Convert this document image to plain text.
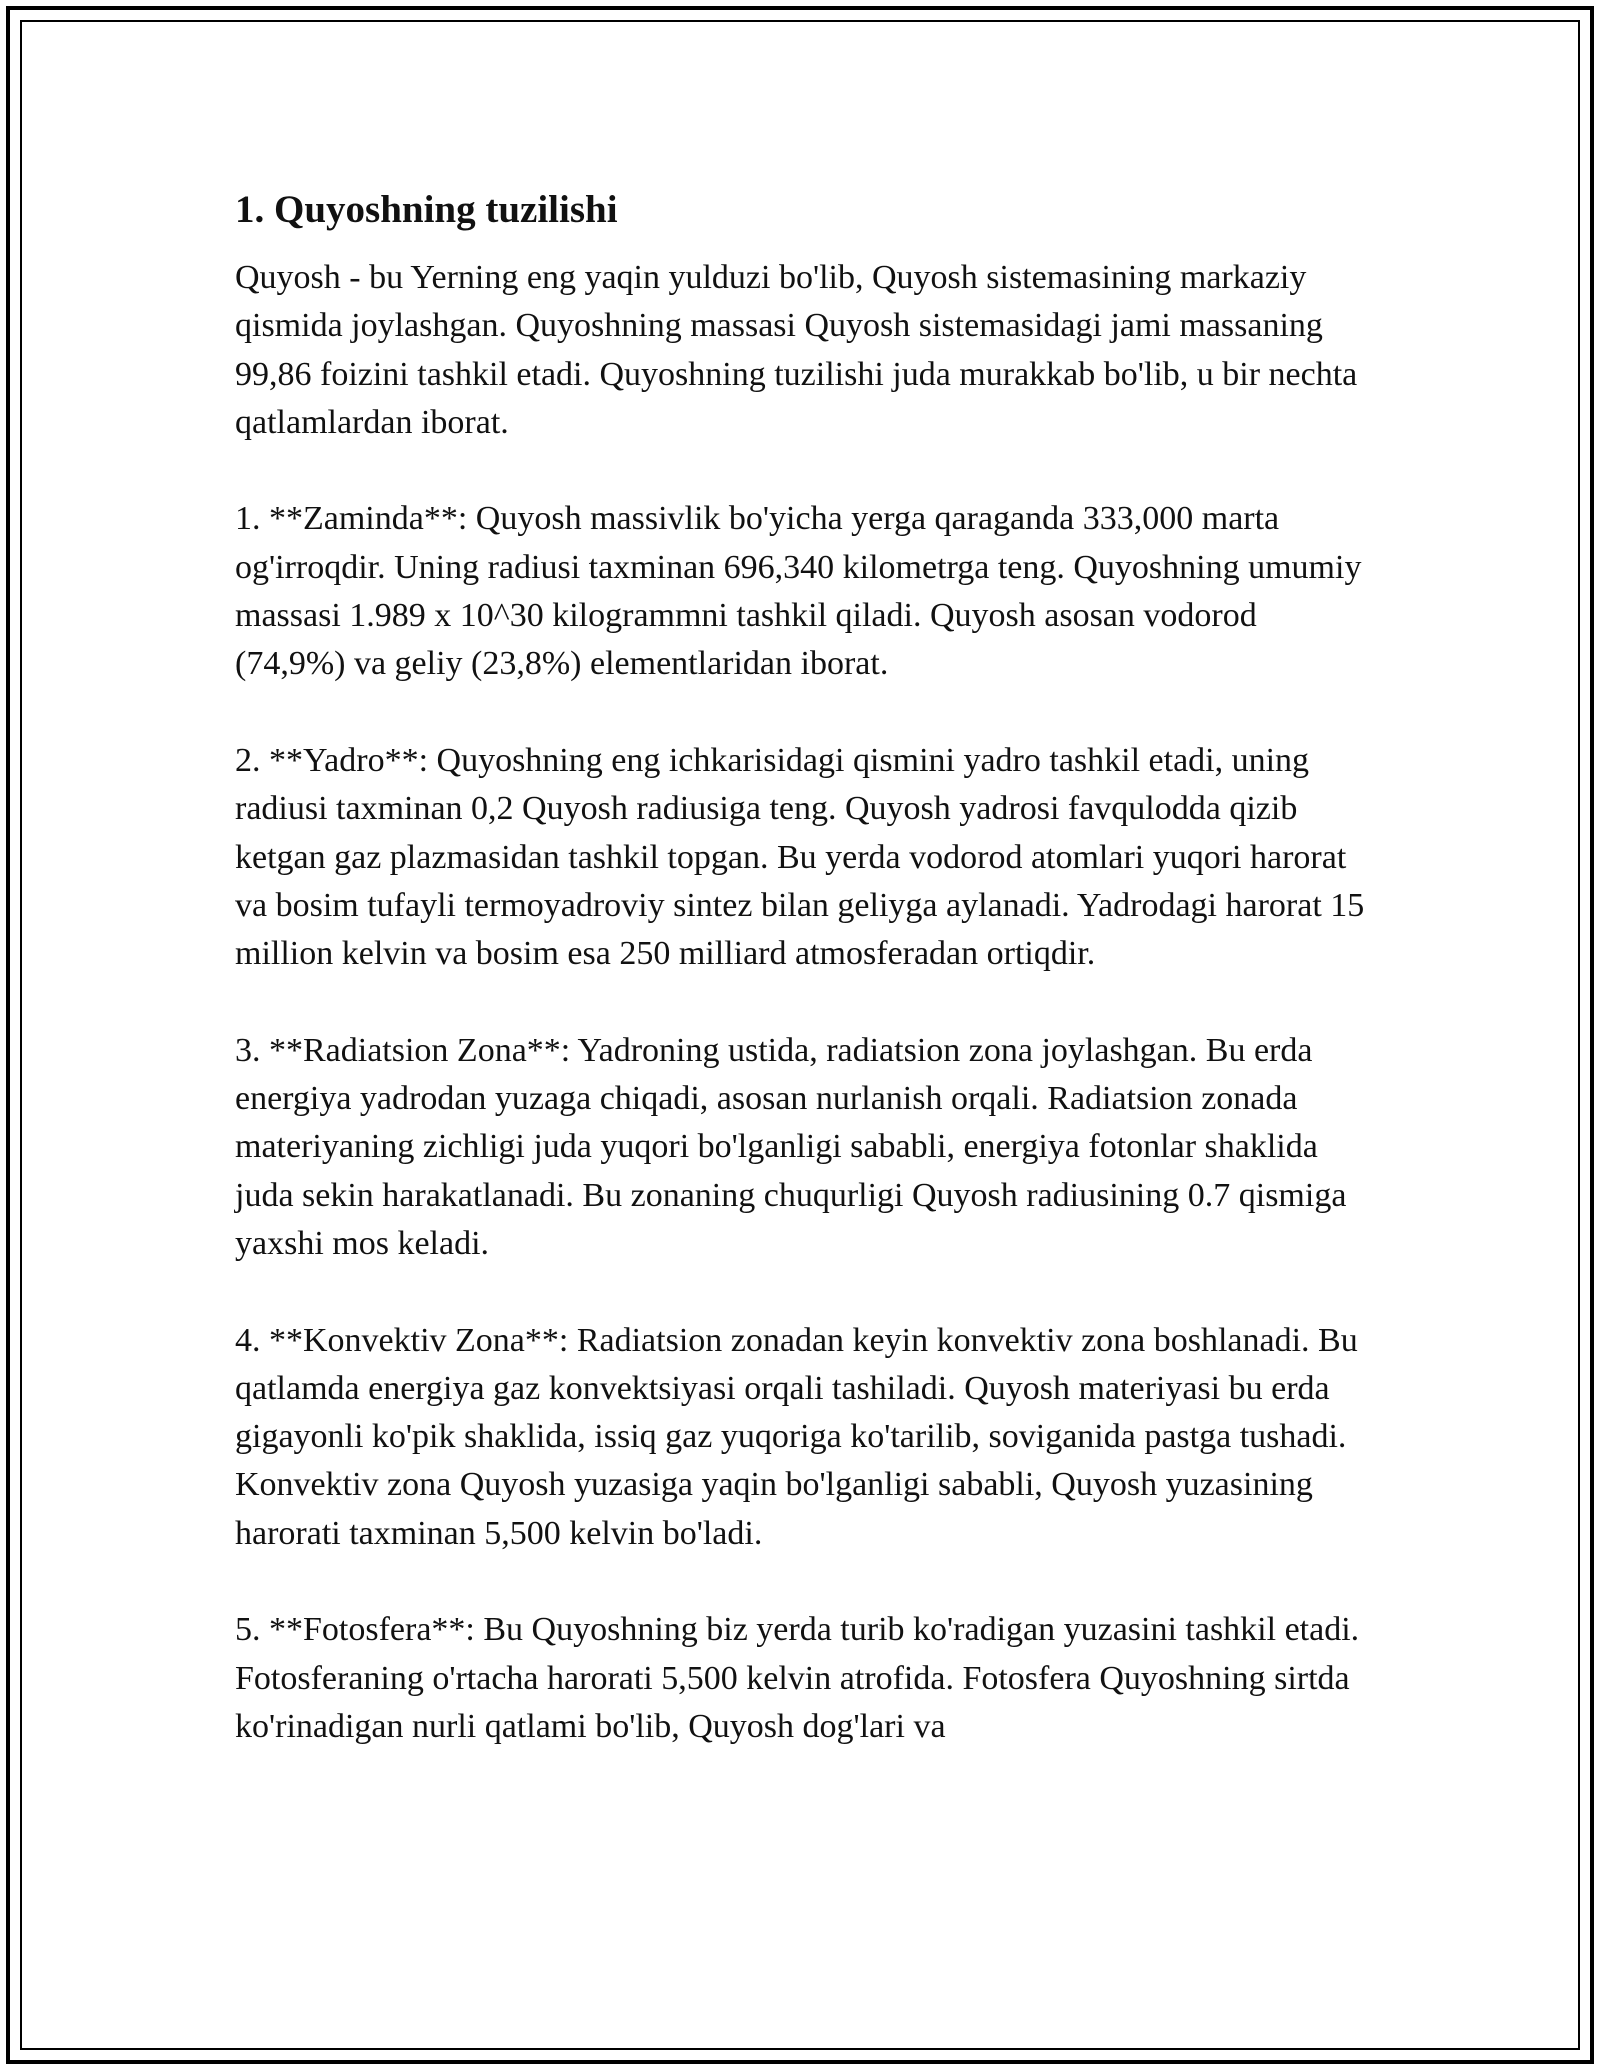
1. Quyoshning tuzilishi

Quyosh - bu Yerning eng yaqin yulduzi bo'lib, Quyosh sistemasining markaziy qismida joylashgan. Quyoshning massasi Quyosh sistemasidagi jami massaning 99,86 foizini tashkil etadi. Quyoshning tuzilishi juda murakkab bo'lib, u bir nechta qatlamlardan iborat.

1. **Zaminda**: Quyosh massivlik bo'yicha yerga qaraganda 333,000 marta og'irroqdir. Uning radiusi taxminan 696,340 kilometrga teng. Quyoshning umumiy massasi 1.989 x 10^30 kilogrammni tashkil qiladi. Quyosh asosan vodorod (74,9%) va geliy (23,8%) elementlaridan iborat.

2. **Yadro**: Quyoshning eng ichkarisidagi qismini yadro tashkil etadi, uning radiusi taxminan 0,2 Quyosh radiusiga teng. Quyosh yadrosi favqulodda qizib ketgan gaz plazmasidan tashkil topgan. Bu yerda vodorod atomlari yuqori harorat va bosim tufayli termoyadroviy sintez bilan geliyga aylanadi. Yadrodagi harorat 15 million kelvin va bosim esa 250 milliard atmosferadan ortiqdir.

3. **Radiatsion Zona**: Yadroning ustida, radiatsion zona joylashgan. Bu erda energiya yadrodan yuzaga chiqadi, asosan nurlanish orqali. Radiatsion zonada materiyaning zichligi juda yuqori bo'lganligi sababli, energiya fotonlar shaklida juda sekin harakatlanadi. Bu zonaning chuqurligi Quyosh radiusining 0.7 qismiga yaxshi mos keladi.

4. **Konvektiv Zona**: Radiatsion zonadan keyin konvektiv zona boshlanadi. Bu qatlamda energiya gaz konvektsiyasi orqali tashiladi. Quyosh materiyasi bu erda gigayonli ko'pik shaklida, issiq gaz yuqoriga ko'tarilib, soviganida pastga tushadi. Konvektiv zona Quyosh yuzasiga yaqin bo'lganligi sababli, Quyosh yuzasining harorati taxminan 5,500 kelvin bo'ladi.

5. **Fotosfera**: Bu Quyoshning biz yerda turib ko'radigan yuzasini tashkil etadi. Fotosferaning o'rtacha harorati 5,500 kelvin atrofida. Fotosfera Quyoshning sirtda ko'rinadigan nurli qatlami bo'lib, Quyosh dog'lari va
